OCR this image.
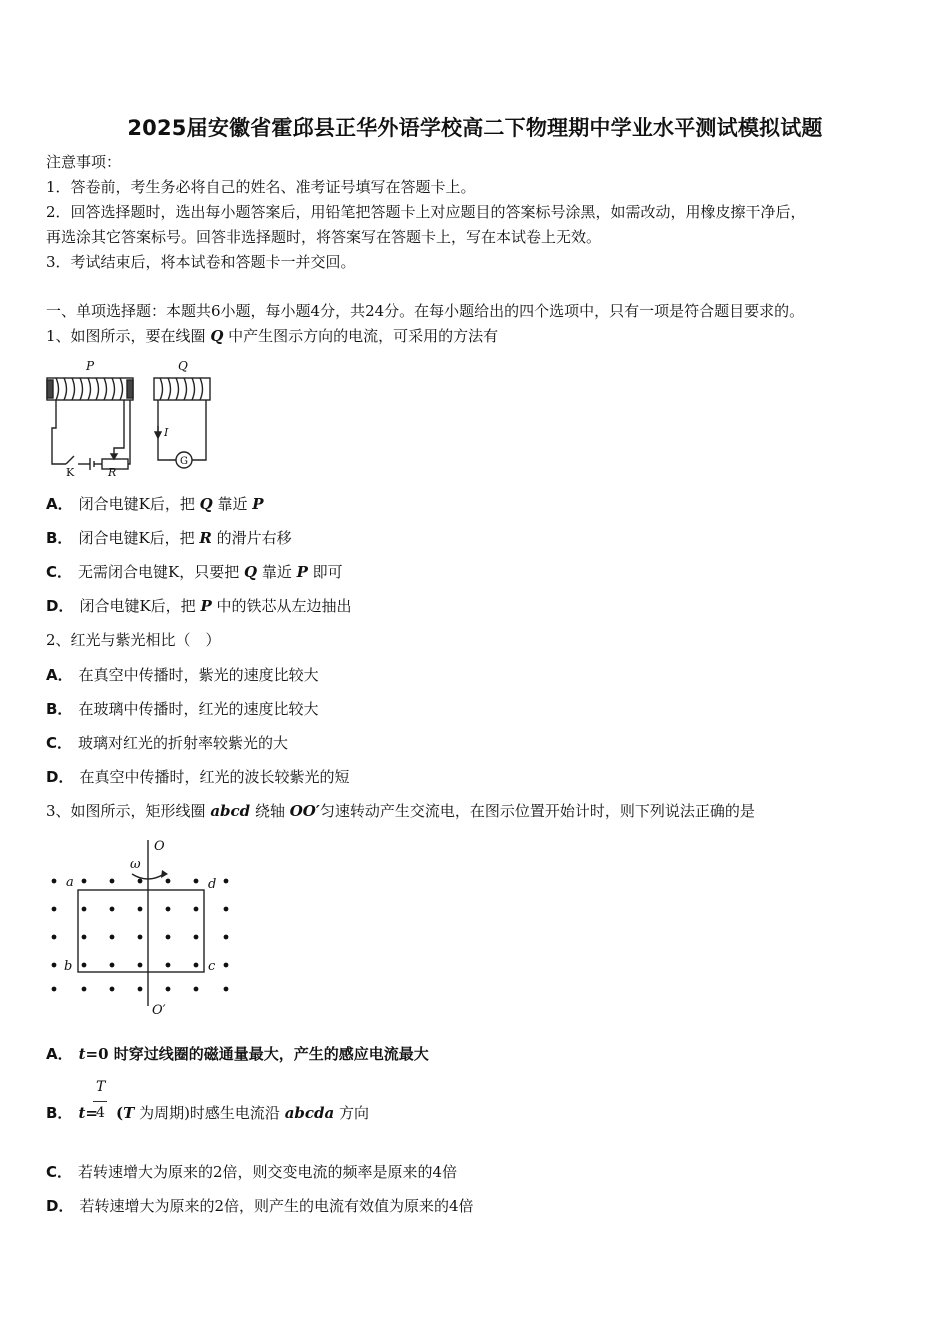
2025届安徽省霍邱县正华外语学校高二下物理期中学业水平测试模拟试题
注意事项：
1．答卷前，考生务必将自己的姓名、准考证号填写在答题卡上。
2．回答选择题时，选出每小题答案后，用铅笔把答题卡上对应题目的答案标号涂黑，如需改动，用橡皮擦干净后，
再选涂其它答案标号。回答非选择题时，将答案写在答题卡上，写在本试卷上无效。
3．考试结束后，将本试卷和答题卡一并交回。
一、单项选择题：本题共6小题，每小题4分，共24分。在每小题给出的四个选项中，只有一项是符合题目要求的。
1、如图所示，要在线圈 Q 中产生图示方向的电流，可采用的方法有
P	Q
I
K	R
G
A． 闭合电键K后，把 Q 靠近 P
B． 闭合电键K后，把 R 的滑片右移
C． 无需闭合电键K，只要把 Q 靠近 P 即可
D． 闭合电键K后，把 P 中的铁芯从左边抽出
2、红光与紫光相比（　）
A． 在真空中传播时，紫光的速度比较大
B． 在玻璃中传播时，红光的速度比较大
C． 玻璃对红光的折射率较紫光的大
D． 在真空中传播时，红光的波长较紫光的短
3、如图所示，矩形线圈 abcd 绕轴 OO′匀速转动产生交流电，在图示位置开始计时，则下列说法正确的是
O
O′
ω
a
b	c
d
A． t=0 时穿过线圈的磁通量最大，产生的感应电流最大
B． t=
T
4 (T 为周期)时感生电流沿 abcda 方向
C． 若转速增大为原来的2倍，则交变电流的频率是原来的4倍
D． 若转速增大为原来的2倍，则产生的电流有效值为原来的4倍
